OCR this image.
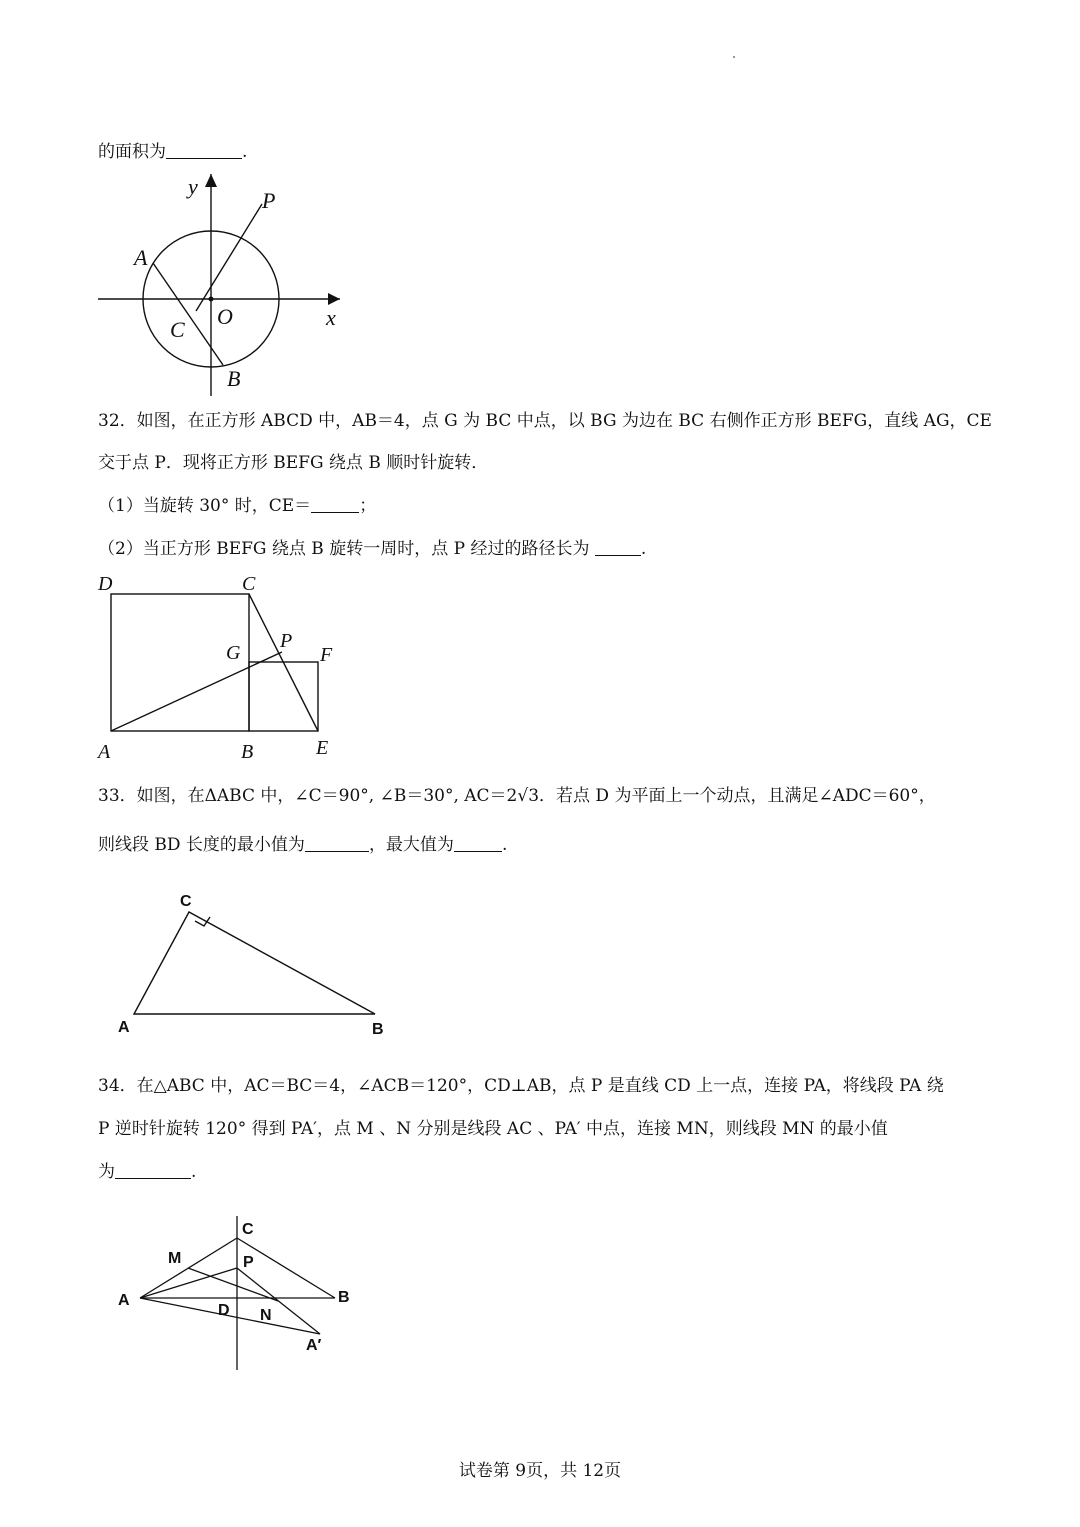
的面积为	.
y
P
A
O
C	x
B
32．如图，在正方形 ABCD 中，AB＝4，点 G 为 BC 中点，以 BG 为边在 BC 右侧作正方形 BEFG，直线 AG，CE
交于点 P．现将正方形 BEFG 绕点 B 顺时针旋转．
（1）当旋转 30° 时，CE＝	；
（2）当正方形 BEFG 绕点 B 旋转一周时，点 P 经过的路径长为	.
D	C
G
P
F
A	B	E
33．如图，在ΔABC 中，∠C＝90°, ∠B＝30°, AC＝2√3．若点 D 为平面上一个动点，且满足∠ADC＝60°，
则线段 BD 长度的最小值为	，最大值为	.
C
A	B
34．在△ABC 中，AC＝BC＝4，∠ACB＝120°，CD⊥AB，点 P 是直线 CD 上一点，连接 PA，将线段 PA 绕
P 逆时针旋转 120° 得到 PA′，点 M 、N 分别是线段 AC 、PA′ 中点，连接 MN，则线段 MN 的最小值
为	.
C
M	P
A	B
D N
A′
试卷第 9页，共 12页
